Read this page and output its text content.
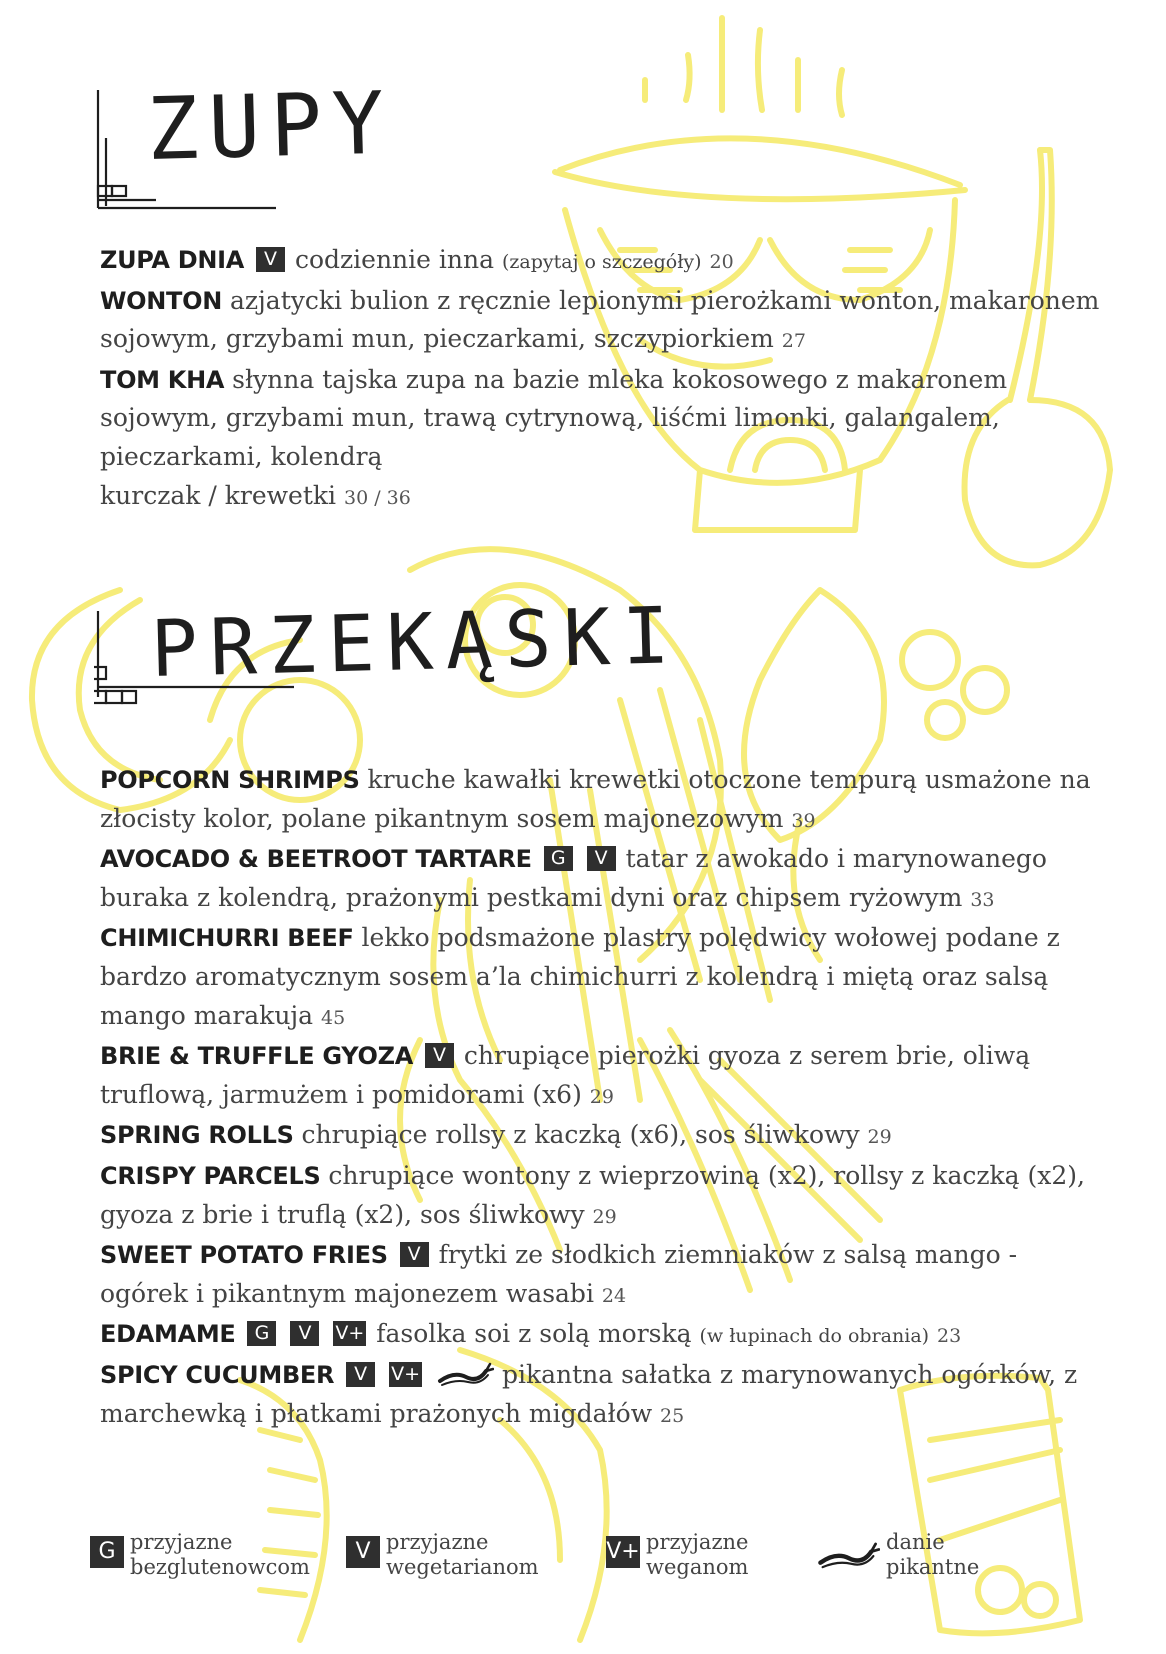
ZUPY

ZUPA DNIA V codziennie inna (zapytaj o szczegóły) 20

WONTON azjatycki bulion z ręcznie lepionymi pierożkami wonton, makaronem sojowym, grzybami mun, pieczarkami, szczypiorkiem 27

TOM KHA słynna tajska zupa na bazie mleka kokosowego z makaronem sojowym, grzybami mun, trawą cytrynową, liśćmi limonki, galangalem, pieczarkami, kolendrą

kurczak / krewetki 30 / 36

PRZEKĄSKI

POPCORN SHRIMPS kruche kawałki krewetki otoczone tempurą usmażone na złocisty kolor, polane pikantnym sosem majonezowym 39

AVOCADO & BEETROOT TARTARE G V tatar z awokado i marynowanego buraka z kolendrą, prażonymi pestkami dyni oraz chipsem ryżowym 33

CHIMICHURRI BEEF lekko podsmażone plastry polędwicy wołowej podane z bardzo aromatycznym sosem a’la chimichurri z kolendrą i miętą oraz salsą mango marakuja 45

BRIE & TRUFFLE GYOZA V chrupiące pierożki gyoza z serem brie, oliwą truflową, jarmużem i pomidorami (x6) 29

SPRING ROLLS chrupiące rollsy z kaczką (x6), sos śliwkowy 29

CRISPY PARCELS chrupiące wontony z wieprzowiną (x2), rollsy z kaczką (x2), gyoza z brie i truflą (x2), sos śliwkowy 29

SWEET POTATO FRIES V frytki ze słodkich ziemniaków z salsą mango - ogórek i pikantnym majonezem wasabi 24

EDAMAME G V V+ fasolka soi z solą morską (w łupinach do obrania) 23

SPICY CUCUMBER V V+	pikantna sałatka z marynowanych ogórków, z marchewką i płatkami prażonych migdałów 25

G przyjazne
bezglutenowcom
V przyjazne
wegetarianom
V+ przyjazne
weganom
danie
pikantne
